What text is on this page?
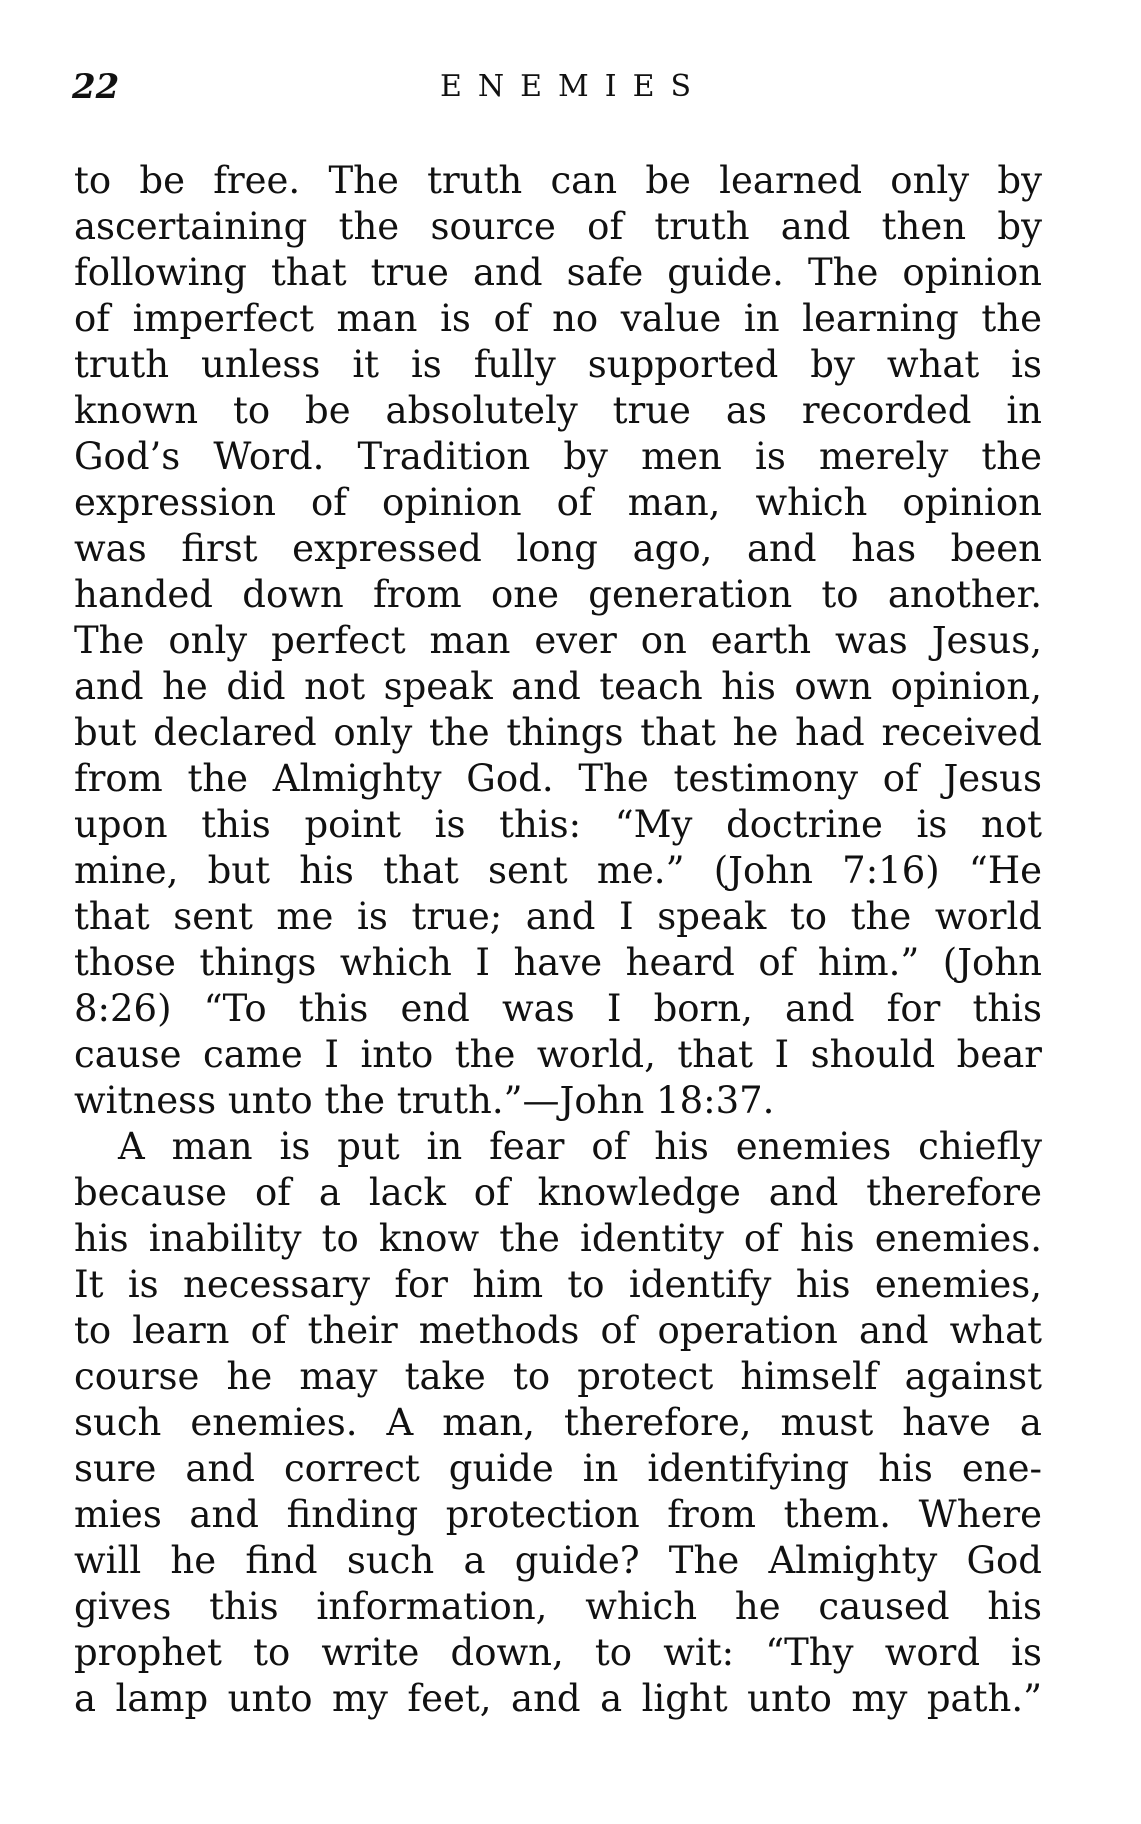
22	ENEMIES
to be free. The truth can be learned only by
ascertaining the source of truth and then by
following that true and safe guide. The opinion
of imperfect man is of no value in learning the
truth unless it is fully supported by what is
known to be absolutely true as recorded in
God’s Word. Tradition by men is merely the
expression of opinion of man, which opinion
was first expressed long ago, and has been
handed down from one generation to another.
The only perfect man ever on earth was Jesus,
and he did not speak and teach his own opinion,
but declared only the things that he had received
from the Almighty God. The testimony of Jesus
upon this point is this: “My doctrine is not
mine, but his that sent me.” (John 7:16) “He
that sent me is true; and I speak to the world
those things which I have heard of him.” (John
8:26) “To this end was I born, and for this
cause came I into the world, that I should bear
witness unto the truth.”—John 18:37.
A man is put in fear of his enemies chiefly
because of a lack of knowledge and therefore
his inability to know the identity of his enemies.
It is necessary for him to identify his enemies,
to learn of their methods of operation and what
course he may take to protect himself against
such enemies. A man, therefore, must have a
sure and correct guide in identifying his ene-
mies and finding protection from them. Where
will he find such a guide? The Almighty God
gives this information, which he caused his
prophet to write down, to wit: “Thy word is
a lamp unto my feet, and a light unto my path.”
